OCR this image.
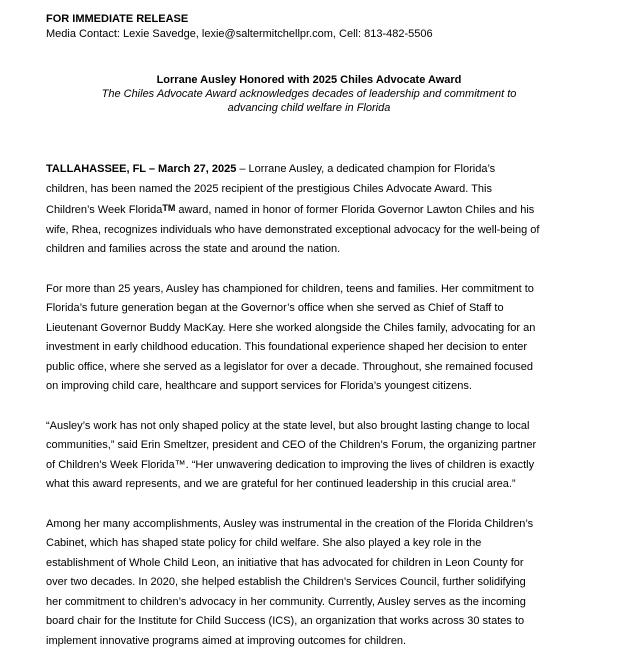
FOR IMMEDIATE RELEASE
Media Contact: Lexie Savedge, lexie@saltermitchellpr.com, Cell: 813-482-5506
Lorrane Ausley Honored with 2025 Chiles Advocate Award
The Chiles Advocate Award acknowledges decades of leadership and commitment to
advancing child welfare in Florida
TALLAHASSEE, FL – March 27, 2025 – Lorrane Ausley, a dedicated champion for Florida’s
children, has been named the 2025 recipient of the prestigious Chiles Advocate Award. This
Children’s Week FloridaTM award, named in honor of former Florida Governor Lawton Chiles and his
wife, Rhea, recognizes individuals who have demonstrated exceptional advocacy for the well-being of
children and families across the state and around the nation.
For more than 25 years, Ausley has championed for children, teens and families. Her commitment to
Florida’s future generation began at the Governor’s office when she served as Chief of Staff to
Lieutenant Governor Buddy MacKay. Here she worked alongside the Chiles family, advocating for an
investment in early childhood education. This foundational experience shaped her decision to enter
public office, where she served as a legislator for over a decade. Throughout, she remained focused
on improving child care, healthcare and support services for Florida’s youngest citizens.
“Ausley’s work has not only shaped policy at the state level, but also brought lasting change to local
communities,” said Erin Smeltzer, president and CEO of the Children’s Forum, the organizing partner
of Children’s Week Florida™. “Her unwavering dedication to improving the lives of children is exactly
what this award represents, and we are grateful for her continued leadership in this crucial area.”
Among her many accomplishments, Ausley was instrumental in the creation of the Florida Children’s
Cabinet, which has shaped state policy for child welfare. She also played a key role in the
establishment of Whole Child Leon, an initiative that has advocated for children in Leon County for
over two decades. In 2020, she helped establish the Children’s Services Council, further solidifying
her commitment to children’s advocacy in her community. Currently, Ausley serves as the incoming
board chair for the Institute for Child Success (ICS), an organization that works across 30 states to
implement innovative programs aimed at improving outcomes for children.
